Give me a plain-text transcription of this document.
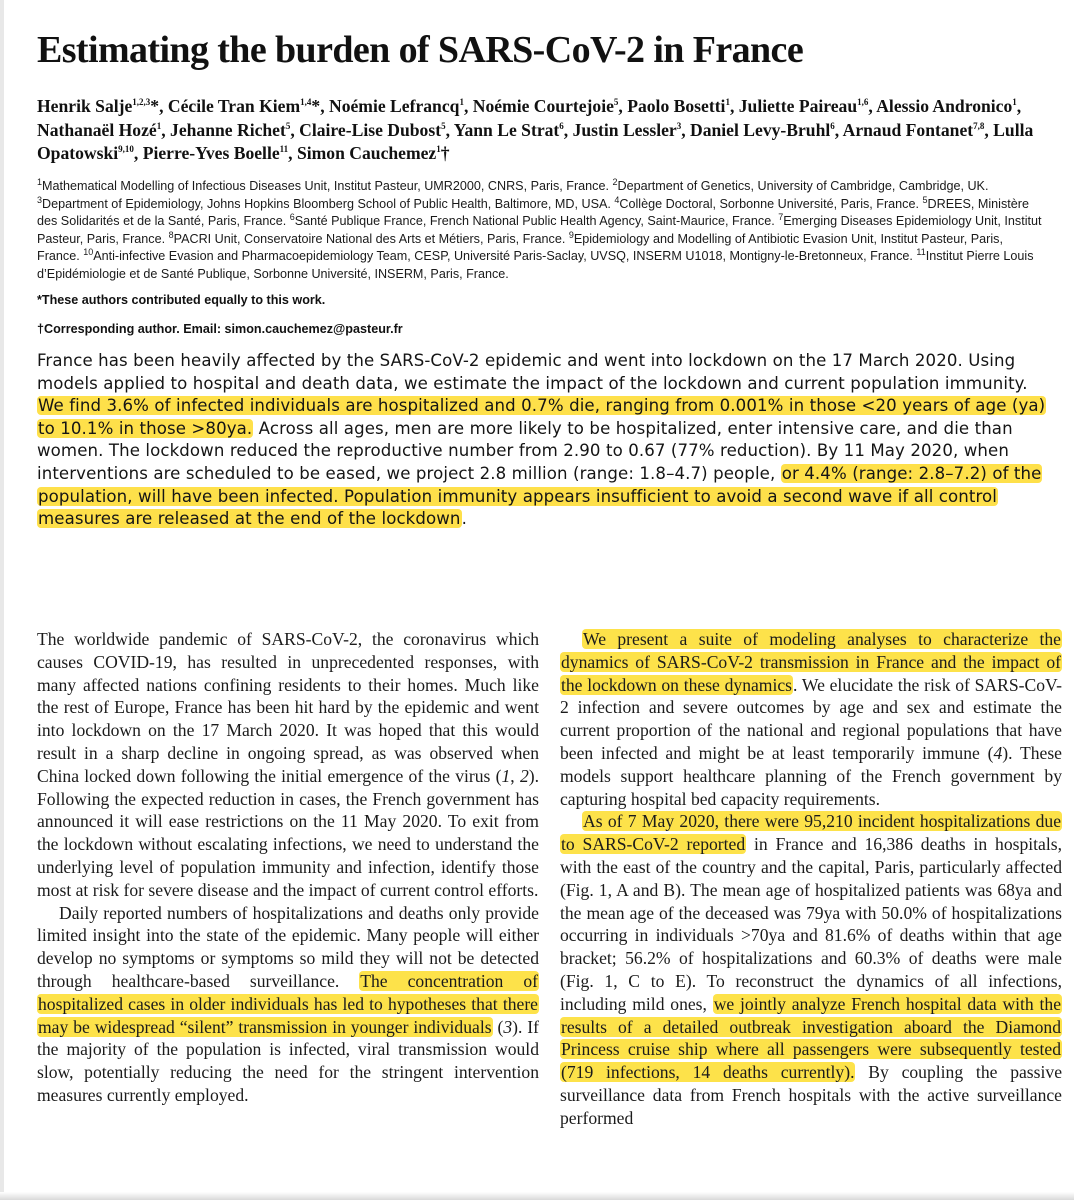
Estimating the burden of SARS-CoV-2 in France
Henrik Salje$^{1,2,3}$*, Cécile Tran Kiem$^{1,4}$*, Noémie Lefrancq$^1$, Noémie Courtejoie$^5$, Paolo Bosetti$^1$, Juliette Paireau$^{1,6}$, Alessio Andronico$^1$, Nathanaël Hozé$^1$, Jehanne Richet$^5$, Claire-Lise Dubost$^5$, Yann Le Strat$^6$, Justin Lessler$^3$, Daniel Levy-Bruhl$^6$, Arnaud Fontanet$^{7,8}$, Lulla Opatowski$^{9,10}$, Pierre-Yves Boelle$^{11}$, Simon Cauchemez$^1$†
$^1$Mathematical Modelling of Infectious Diseases Unit, Institut Pasteur, UMR2000, CNRS, Paris, France. $^2$Department of Genetics, University of Cambridge, Cambridge, UK. $^3$Department of Epidemiology, Johns Hopkins Bloomberg School of Public Health, Baltimore, MD, USA. $^4$Collège Doctoral, Sorbonne Université, Paris, France. $^5$DREES, Ministère des Solidarités et de la Santé, Paris, France. $^6$Santé Publique France, French National Public Health Agency, Saint-Maurice, France. $^7$Emerging Diseases Epidemiology Unit, Institut Pasteur, Paris, France. $^8$PACRI Unit, Conservatoire National des Arts et Métiers, Paris, France. $^9$Epidemiology and Modelling of Antibiotic Evasion Unit, Institut Pasteur, Paris, France. $^{10}$Anti-infective Evasion and Pharmacoepidemiology Team, CESP, Université Paris-Saclay, UVSQ, INSERM U1018, Montigny-le-Bretonneux, France. $^{11}$Institut Pierre Louis d’Epidémiologie et de Santé Publique, Sorbonne Université, INSERM, Paris, France.
*These authors contributed equally to this work.
†Corresponding author. Email: simon.cauchemez@pasteur.fr
France has been heavily affected by the SARS-CoV-2 epidemic and went into lockdown on the 17 March 2020. Using models applied to hospital and death data, we estimate the impact of the lockdown and current population immunity. We find 3.6% of infected individuals are hospitalized and 0.7% die, ranging from 0.001% in those <20 years of age (ya) to 10.1% in those >80ya. Across all ages, men are more likely to be hospitalized, enter intensive care, and die than women. The lockdown reduced the reproductive number from 2.90 to 0.67 (77% reduction). By 11 May 2020, when interventions are scheduled to be eased, we project 2.8 million (range: 1.8–4.7) people, or 4.4% (range: 2.8–7.2) of the population, will have been infected. Population immunity appears insufficient to avoid a second wave if all control measures are released at the end of the lockdown.

The worldwide pandemic of SARS-CoV-2, the coronavirus which causes COVID-19, has resulted in unprecedented responses, with many affected nations confining residents to their homes. Much like the rest of Europe, France has been hit hard by the epidemic and went into lockdown on the 17 March 2020. It was hoped that this would result in a sharp decline in ongoing spread, as was observed when China locked down following the initial emergence of the virus (1, 2). Following the expected reduction in cases, the French government has announced it will ease restrictions on the 11 May 2020. To exit from the lockdown without escalating infections, we need to understand the underlying level of population immunity and infection, identify those most at risk for severe disease and the impact of current control efforts.

Daily reported numbers of hospitalizations and deaths only provide limited insight into the state of the epidemic. Many people will either develop no symptoms or symptoms so mild they will not be detected through healthcare-based surveillance. The concentration of hospitalized cases in older individuals has led to hypotheses that there may be widespread “silent” transmission in younger individuals (3). If the majority of the population is infected, viral transmission would slow, potentially reducing the need for the stringent intervention measures currently employed.

We present a suite of modeling analyses to characterize the dynamics of SARS-CoV-2 transmission in France and the impact of the lockdown on these dynamics. We elucidate the risk of SARS-CoV-2 infection and severe outcomes by age and sex and estimate the current proportion of the national and regional populations that have been infected and might be at least temporarily immune (4). These models support healthcare planning of the French government by capturing hospital bed capacity requirements.

As of 7 May 2020, there were 95,210 incident hospitalizations due to SARS-CoV-2 reported in France and 16,386 deaths in hospitals, with the east of the country and the capital, Paris, particularly affected (Fig. 1, A and B). The mean age of hospitalized patients was 68ya and the mean age of the deceased was 79ya with 50.0% of hospitalizations occurring in individuals >70ya and 81.6% of deaths within that age bracket; 56.2% of hospitalizations and 60.3% of deaths were male (Fig. 1, C to E). To reconstruct the dynamics of all infections, including mild ones, we jointly analyze French hospital data with the results of a detailed outbreak investigation aboard the Diamond Princess cruise ship where all passengers were subsequently tested (719 infections, 14 deaths currently). By coupling the passive surveillance data from French hospitals with the active surveillance performed
